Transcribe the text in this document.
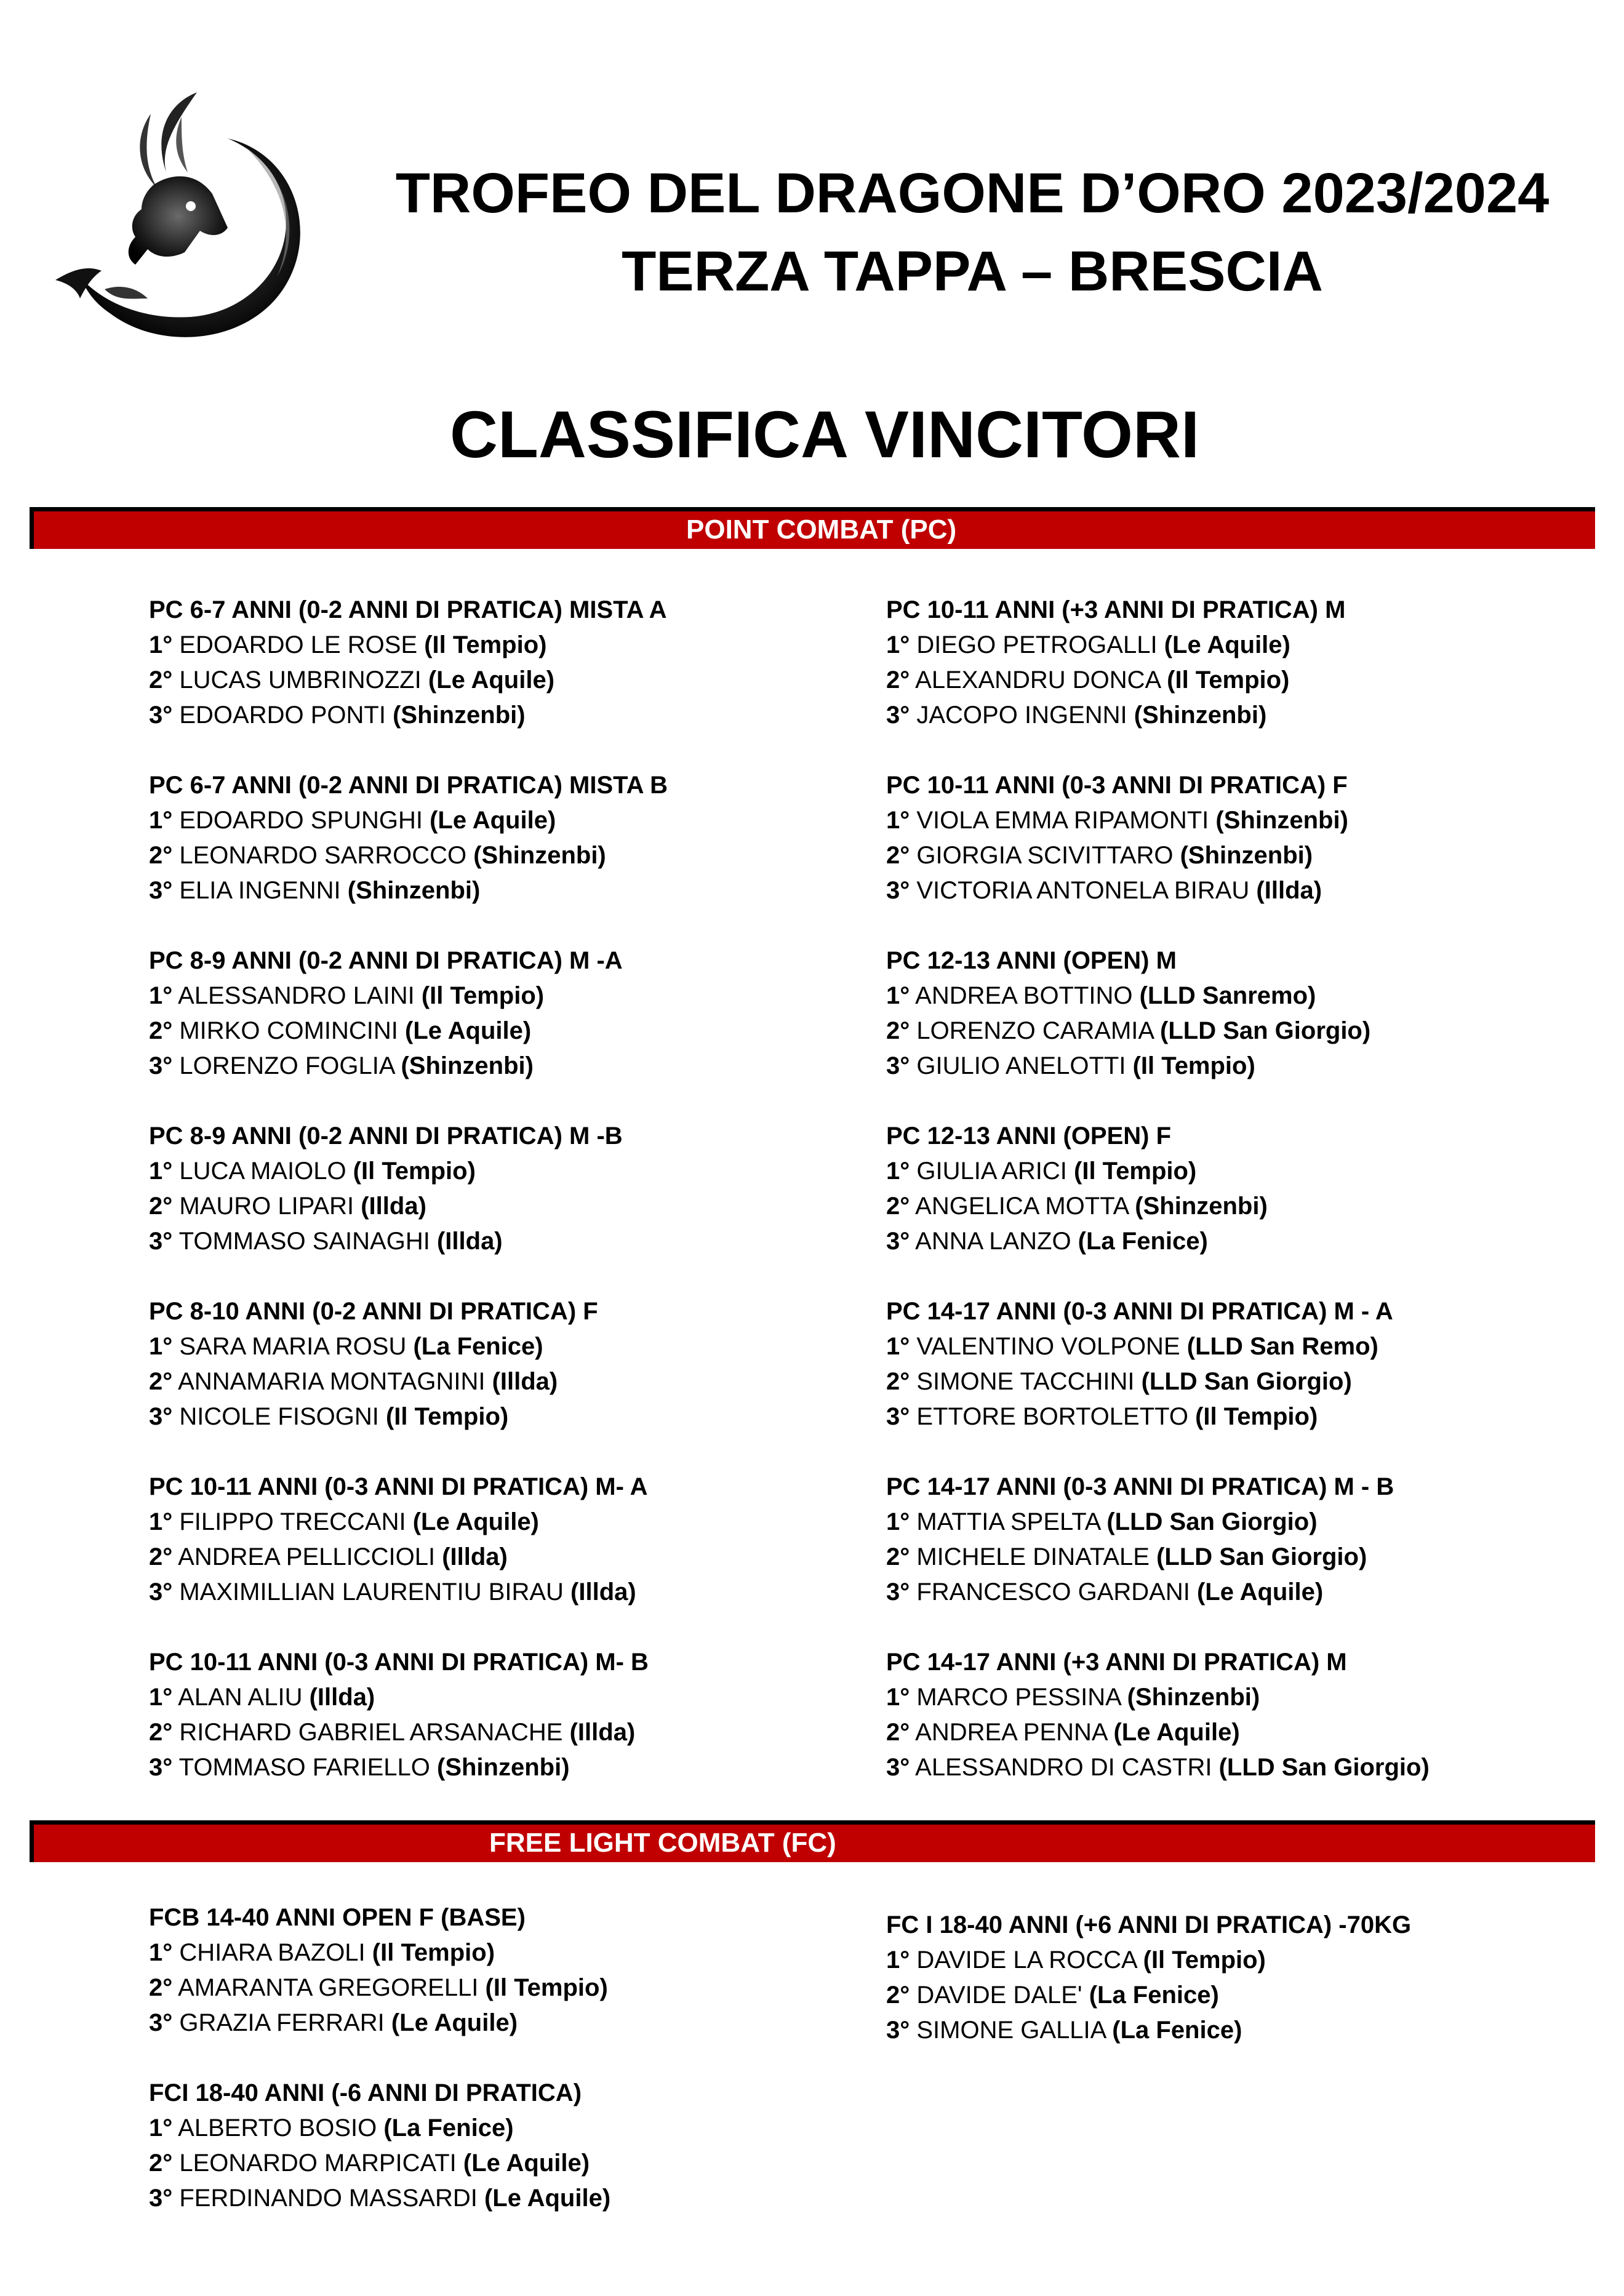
TROFEO DEL DRAGONE D’ORO 2023/2024
TERZA TAPPA – BRESCIA
CLASSIFICA VINCITORI
POINT COMBAT (PC)
PC 6-7 ANNI (0-2 ANNI DI PRATICA) MISTA A
1° EDOARDO LE ROSE (Il Tempio)
2° LUCAS UMBRINOZZI (Le Aquile)
3° EDOARDO PONTI (Shinzenbi)
PC 6-7 ANNI (0-2 ANNI DI PRATICA) MISTA B
1° EDOARDO SPUNGHI (Le Aquile)
2° LEONARDO SARROCCO (Shinzenbi)
3° ELIA INGENNI (Shinzenbi)
PC 8-9 ANNI (0-2 ANNI DI PRATICA) M -A
1° ALESSANDRO LAINI (Il Tempio)
2° MIRKO COMINCINI (Le Aquile)
3° LORENZO FOGLIA (Shinzenbi)
PC 8-9 ANNI (0-2 ANNI DI PRATICA) M -B
1° LUCA MAIOLO (Il Tempio)
2° MAURO LIPARI (Illda)
3° TOMMASO SAINAGHI (Illda)
PC 8-10 ANNI (0-2 ANNI DI PRATICA) F
1° SARA MARIA ROSU (La Fenice)
2° ANNAMARIA MONTAGNINI (Illda)
3° NICOLE FISOGNI (Il Tempio)
PC 10-11 ANNI (0-3 ANNI DI PRATICA) M- A
1° FILIPPO TRECCANI (Le Aquile)
2° ANDREA PELLICCIOLI (Illda)
3° MAXIMILLIAN LAURENTIU BIRAU (Illda)
PC 10-11 ANNI (0-3 ANNI DI PRATICA) M- B
1° ALAN ALIU (Illda)
2° RICHARD GABRIEL ARSANACHE (Illda)
3° TOMMASO FARIELLO (Shinzenbi)
PC 10-11 ANNI (+3 ANNI DI PRATICA) M
1° DIEGO PETROGALLI (Le Aquile)
2° ALEXANDRU DONCA (Il Tempio)
3° JACOPO INGENNI (Shinzenbi)
PC 10-11 ANNI (0-3 ANNI DI PRATICA) F
1° VIOLA EMMA RIPAMONTI (Shinzenbi)
2° GIORGIA SCIVITTARO (Shinzenbi)
3° VICTORIA ANTONELA BIRAU (Illda)
PC 12-13 ANNI (OPEN) M
1° ANDREA BOTTINO (LLD Sanremo)
2° LORENZO CARAMIA (LLD San Giorgio)
3° GIULIO ANELOTTI (Il Tempio)
PC 12-13 ANNI (OPEN) F
1° GIULIA ARICI (Il Tempio)
2° ANGELICA MOTTA (Shinzenbi)
3° ANNA LANZO (La Fenice)
PC 14-17 ANNI (0-3 ANNI DI PRATICA) M - A
1° VALENTINO VOLPONE (LLD San Remo)
2° SIMONE TACCHINI (LLD San Giorgio)
3° ETTORE BORTOLETTO (Il Tempio)
PC 14-17 ANNI (0-3 ANNI DI PRATICA) M - B
1° MATTIA SPELTA (LLD San Giorgio)
2° MICHELE DINATALE (LLD San Giorgio)
3° FRANCESCO GARDANI (Le Aquile)
PC 14-17 ANNI (+3 ANNI DI PRATICA) M
1° MARCO PESSINA (Shinzenbi)
2° ANDREA PENNA (Le Aquile)
3° ALESSANDRO DI CASTRI (LLD San Giorgio)
FREE LIGHT COMBAT (FC)
FCB 14-40 ANNI OPEN F (BASE)
1° CHIARA BAZOLI (Il Tempio)
2° AMARANTA GREGORELLI (Il Tempio)
3° GRAZIA FERRARI (Le Aquile)
FCI 18-40 ANNI (-6 ANNI DI PRATICA)
1° ALBERTO BOSIO (La Fenice)
2° LEONARDO MARPICATI (Le Aquile)
3° FERDINANDO MASSARDI (Le Aquile)
FC I 18-40 ANNI (+6 ANNI DI PRATICA) -70KG
1° DAVIDE LA ROCCA (Il Tempio)
2° DAVIDE DALE' (La Fenice)
3° SIMONE GALLIA (La Fenice)
